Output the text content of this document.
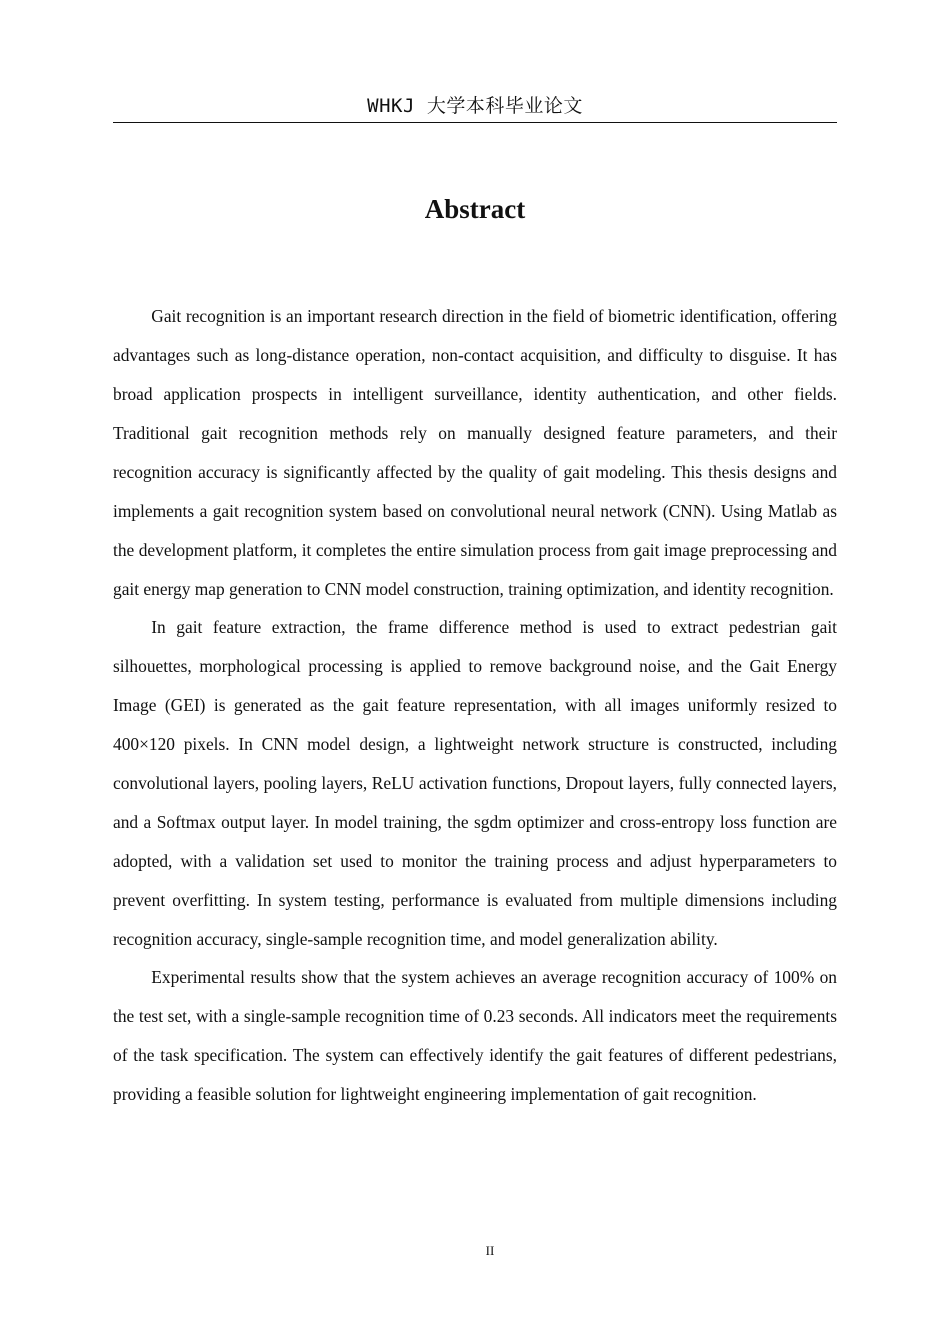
WHKJ 大学本科毕业论文
Abstract

Gait recognition is an important research direction in the field of biometric identification, offering advantages such as long-distance operation, non-contact acquisition, and difficulty to disguise. It has broad application prospects in intelligent surveillance, identity authentication, and other fields. Traditional gait recognition methods rely on manually designed feature parameters, and their recognition accuracy is significantly affected by the quality of gait modeling. This thesis designs and implements a gait recognition system based on convolutional neural network (CNN). Using Matlab as the development platform, it completes the entire simulation process from gait image preprocessing and gait energy map generation to CNN model construction, training optimization, and identity recognition.

In gait feature extraction, the frame difference method is used to extract pedestrian gait silhouettes, morphological processing is applied to remove background noise, and the Gait Energy Image (GEI) is generated as the gait feature representation, with all images uniformly resized to 400×120 pixels. In CNN model design, a lightweight network structure is constructed, including convolutional layers, pooling layers, ReLU activation functions, Dropout layers, fully connected layers, and a Softmax output layer. In model training, the sgdm optimizer and cross-entropy loss function are adopted, with a validation set used to monitor the training process and adjust hyperparameters to prevent overfitting. In system testing, performance is evaluated from multiple dimensions including recognition accuracy, single-sample recognition time, and model generalization ability.

Experimental results show that the system achieves an average recognition accuracy of 100% on the test set, with a single-sample recognition time of 0.23 seconds. All indicators meet the requirements of the task specification. The system can effectively identify the gait features of different pedestrians, providing a feasible solution for lightweight engineering implementation of gait recognition.

II
